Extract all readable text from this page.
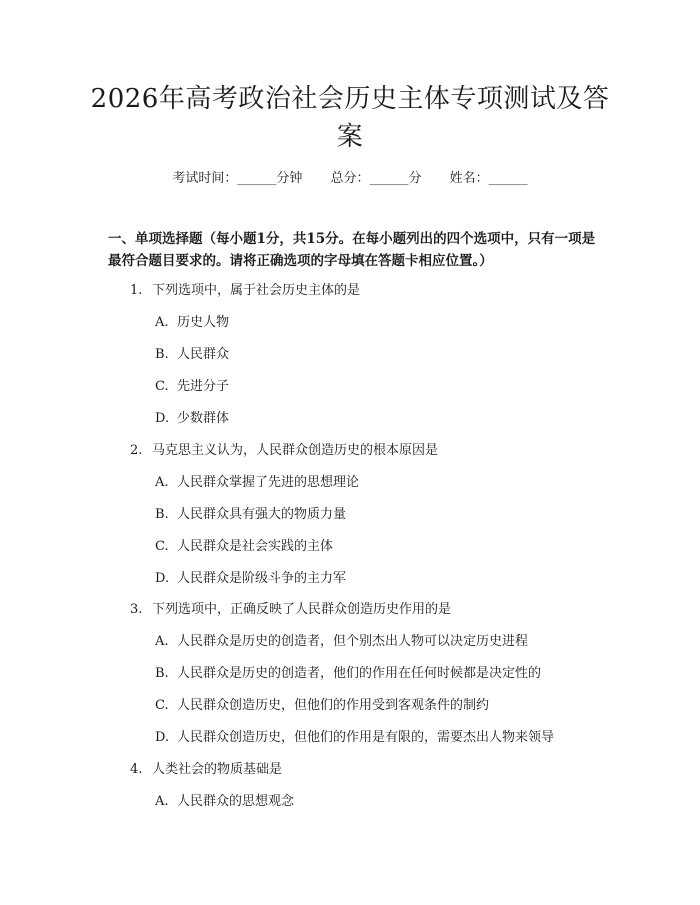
2026年高考政治社会历史主体专项测试及答案
考试时间：______分钟 总分：______分 姓名：______
一、单项选择题（每小题1分，共15分。在每小题列出的四个选项中，只有一项是最符合题目要求的。请将正确选项的字母填在答题卡相应位置。）
1. 下列选项中，属于社会历史主体的是
A. 历史人物
B. 人民群众
C. 先进分子
D. 少数群体
2. 马克思主义认为，人民群众创造历史的根本原因是
A. 人民群众掌握了先进的思想理论
B. 人民群众具有强大的物质力量
C. 人民群众是社会实践的主体
D. 人民群众是阶级斗争的主力军
3. 下列选项中，正确反映了人民群众创造历史作用的是
A. 人民群众是历史的创造者，但个别杰出人物可以决定历史进程
B. 人民群众是历史的创造者，他们的作用在任何时候都是决定性的
C. 人民群众创造历史，但他们的作用受到客观条件的制约
D. 人民群众创造历史，但他们的作用是有限的，需要杰出人物来领导
4. 人类社会的物质基础是
A. 人民群众的思想观念
